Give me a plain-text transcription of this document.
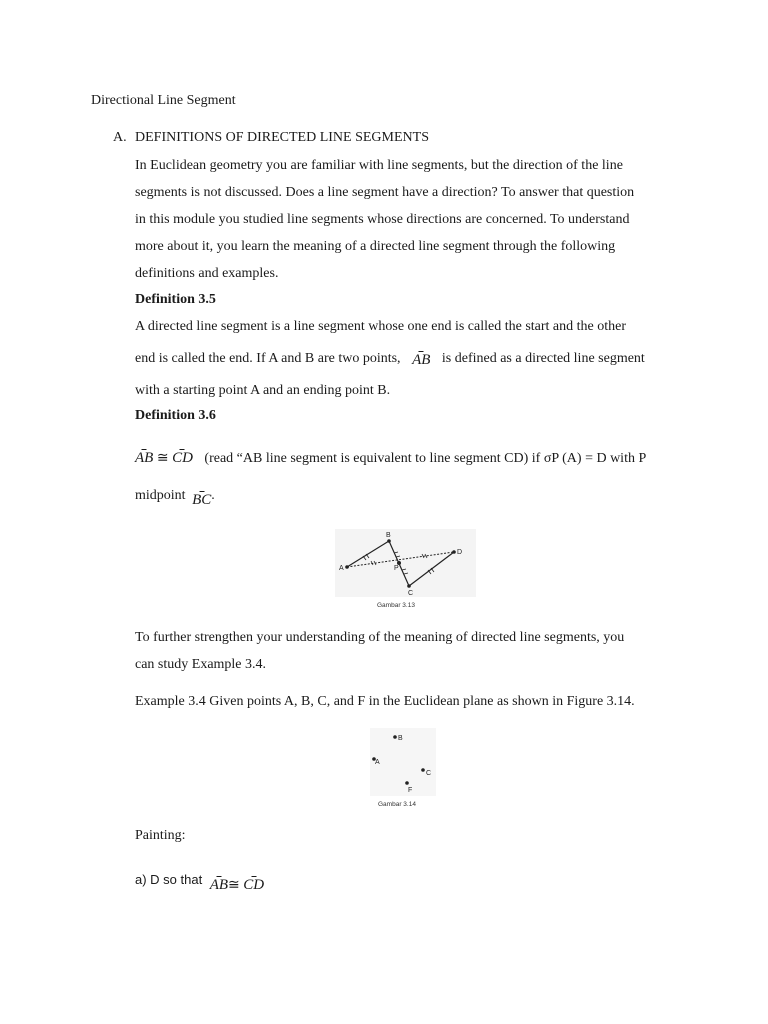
Directional Line Segment
A. DEFINITIONS OF DIRECTED LINE SEGMENTS
In Euclidean geometry you are familiar with line segments, but the direction of the line
segments is not discussed. Does a line segment have a direction? To answer that question
in this module you studied line segments whose directions are concerned. To understand
more about it, you learn the meaning of a directed line segment through the following
definitions and examples.
Definition 3.5
A directed line segment is a line segment whose one end is called the start and the other
end is called the end. If A and B are two points, AB is defined as a directed line segment
with a starting point A and an ending point B.
Definition 3.6
AB ≅ CD (read “AB line segment is equivalent to line segment CD) if σP (A) = D with P
midpoint BC.
A
B
P
C
D
Gambar 3.13
To further strengthen your understanding of the meaning of directed line segments, you
can study Example 3.4.
Example 3.4 Given points A, B, C, and F in the Euclidean plane as shown in Figure 3.14.
B
A
C
F
Gambar 3.14
Painting:
a) D so that AB≅ CD
